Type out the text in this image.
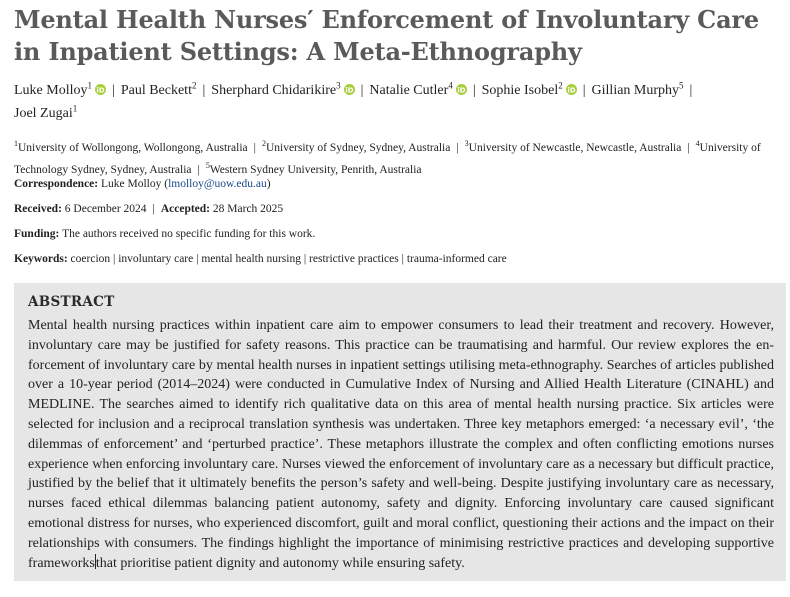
Mental Health Nurses′ Enforcement of Involuntary Care in Inpatient Settings: A Meta-Ethnography
Luke Molloy$^1$
iD | Paul Beckett$^2$ | Sherphard Chidarikire$^3$
iD | Natalie Cutler$^4$
iD | Sophie Isobel$^2$
iD | Gillian Murphy$^5$ |
Joel Zugai$^1$
$^1$University of Wollongong, Wollongong, Australia | $^2$University of Sydney, Sydney, Australia | $^3$University of Newcastle, Newcastle, Australia | $^4$University of Technology Sydney, Sydney, Australia | $^5$Western Sydney University, Penrith, Australia

Correspondence: Luke Molloy (lmolloy@uow.edu.au)

Received: 6 December 2024 | Accepted: 28 March 2025

Funding: The authors received no specific funding for this work.

Keywords: coercion | involuntary care | mental health nursing | restrictive practices | trauma-informed care

ABSTRACT
Mental health nursing practices within inpatient care aim to empower consumers to lead their treatment and recovery. However, involuntary care may be justified for safety reasons. This practice can be traumatising and harmful. Our review explores the enforcement of involuntary care by mental health nurses in inpatient settings utilising meta-ethnography. Searches of articles published over a 10-year period (2014–2024) were conducted in Cumulative Index of Nursing and Allied Health Literature (CINAHL) and MEDLINE. The searches aimed to identify rich qualitative data on this area of mental health nursing practice. Six articles were selected for inclusion and a reciprocal translation synthesis was undertaken. Three key metaphors emerged: ‘a necessary evil’, ‘the dilemmas of enforcement’ and ‘perturbed practice’. These metaphors illustrate the complex and often conflicting emotions nurses experience when enforcing involuntary care. Nurses viewed the enforcement of involuntary care as a necessary but difficult practice, justified by the belief that it ultimately benefits the person’s safety and well-being. Despite justifying involuntary care as necessary, nurses faced ethical dilemmas balancing patient autonomy, safety and dignity. Enforcing involuntary care caused significant emotional distress for nurses, who experienced discomfort, guilt and moral conflict, questioning their actions and the impact on their relationships with consumers. The findings highlight the importance of minimising restrictive practices and developing supportive frameworksthat prioritise patient dignity and autonomy while ensuring safety.
